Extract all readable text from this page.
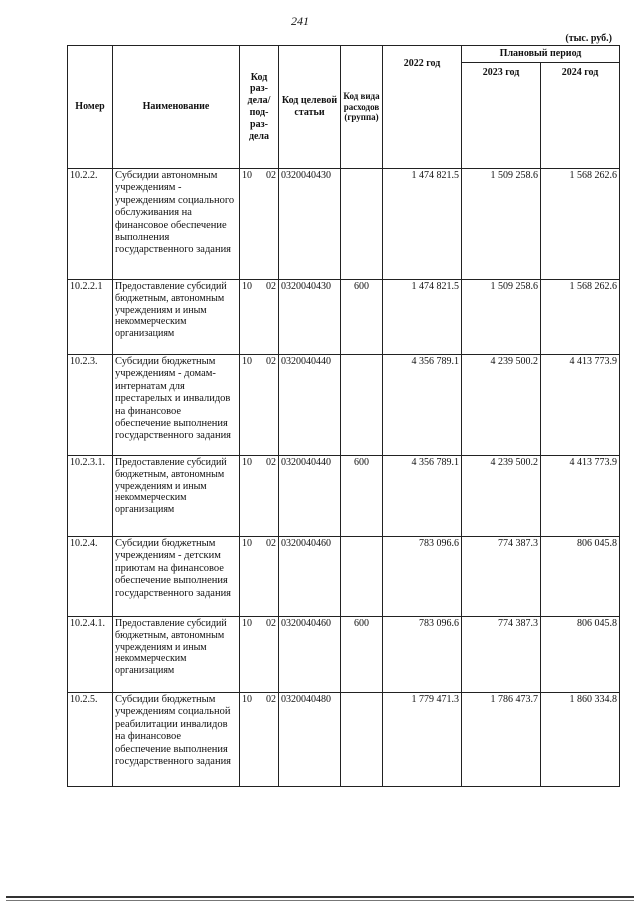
241
(тыс. руб.)
Номер	Наименование	Код раз-дела/ под-раз-дела	Код целевой статьи	Код вида расходов (группа)	2022 год	Плановый период	
						2023 год	2024 год
10.2.2.	Субсидии автономным учреждениям - учреждениям социального обслуживания на финансовое обеспечение выполнения государственного задания	10 02	0320040430		1 474 821.5	1 509 258.6	1 568 262.6
10.2.2.1	Предоставление субсидий бюджетным, автономным учреждениям и иным некоммерческим организациям	10 02	0320040430	600	1 474 821.5	1 509 258.6	1 568 262.6
10.2.3.	Субсидии бюджетным учреждениям - домам-интернатам для престарелых и инвалидов на финансовое обеспечение выполнения государственного задания	10 02	0320040440		4 356 789.1	4 239 500.2	4 413 773.9
10.2.3.1.	Предоставление субсидий бюджетным, автономным учреждениям и иным некоммерческим организациям	10 02	0320040440	600	4 356 789.1	4 239 500.2	4 413 773.9
10.2.4.	Субсидии бюджетным учреждениям - детским приютам на финансовое обеспечение выполнения государственного задания	10 02	0320040460		783 096.6	774 387.3	806 045.8
10.2.4.1.	Предоставление субсидий бюджетным, автономным учреждениям и иным некоммерческим организациям	10 02	0320040460	600	783 096.6	774 387.3	806 045.8
10.2.5.	Субсидии бюджетным учреждениям социальной реабилитации инвалидов на финансовое обеспечение выполнения государственного задания	10 02	0320040480		1 779 471.3	1 786 473.7	1 860 334.8
